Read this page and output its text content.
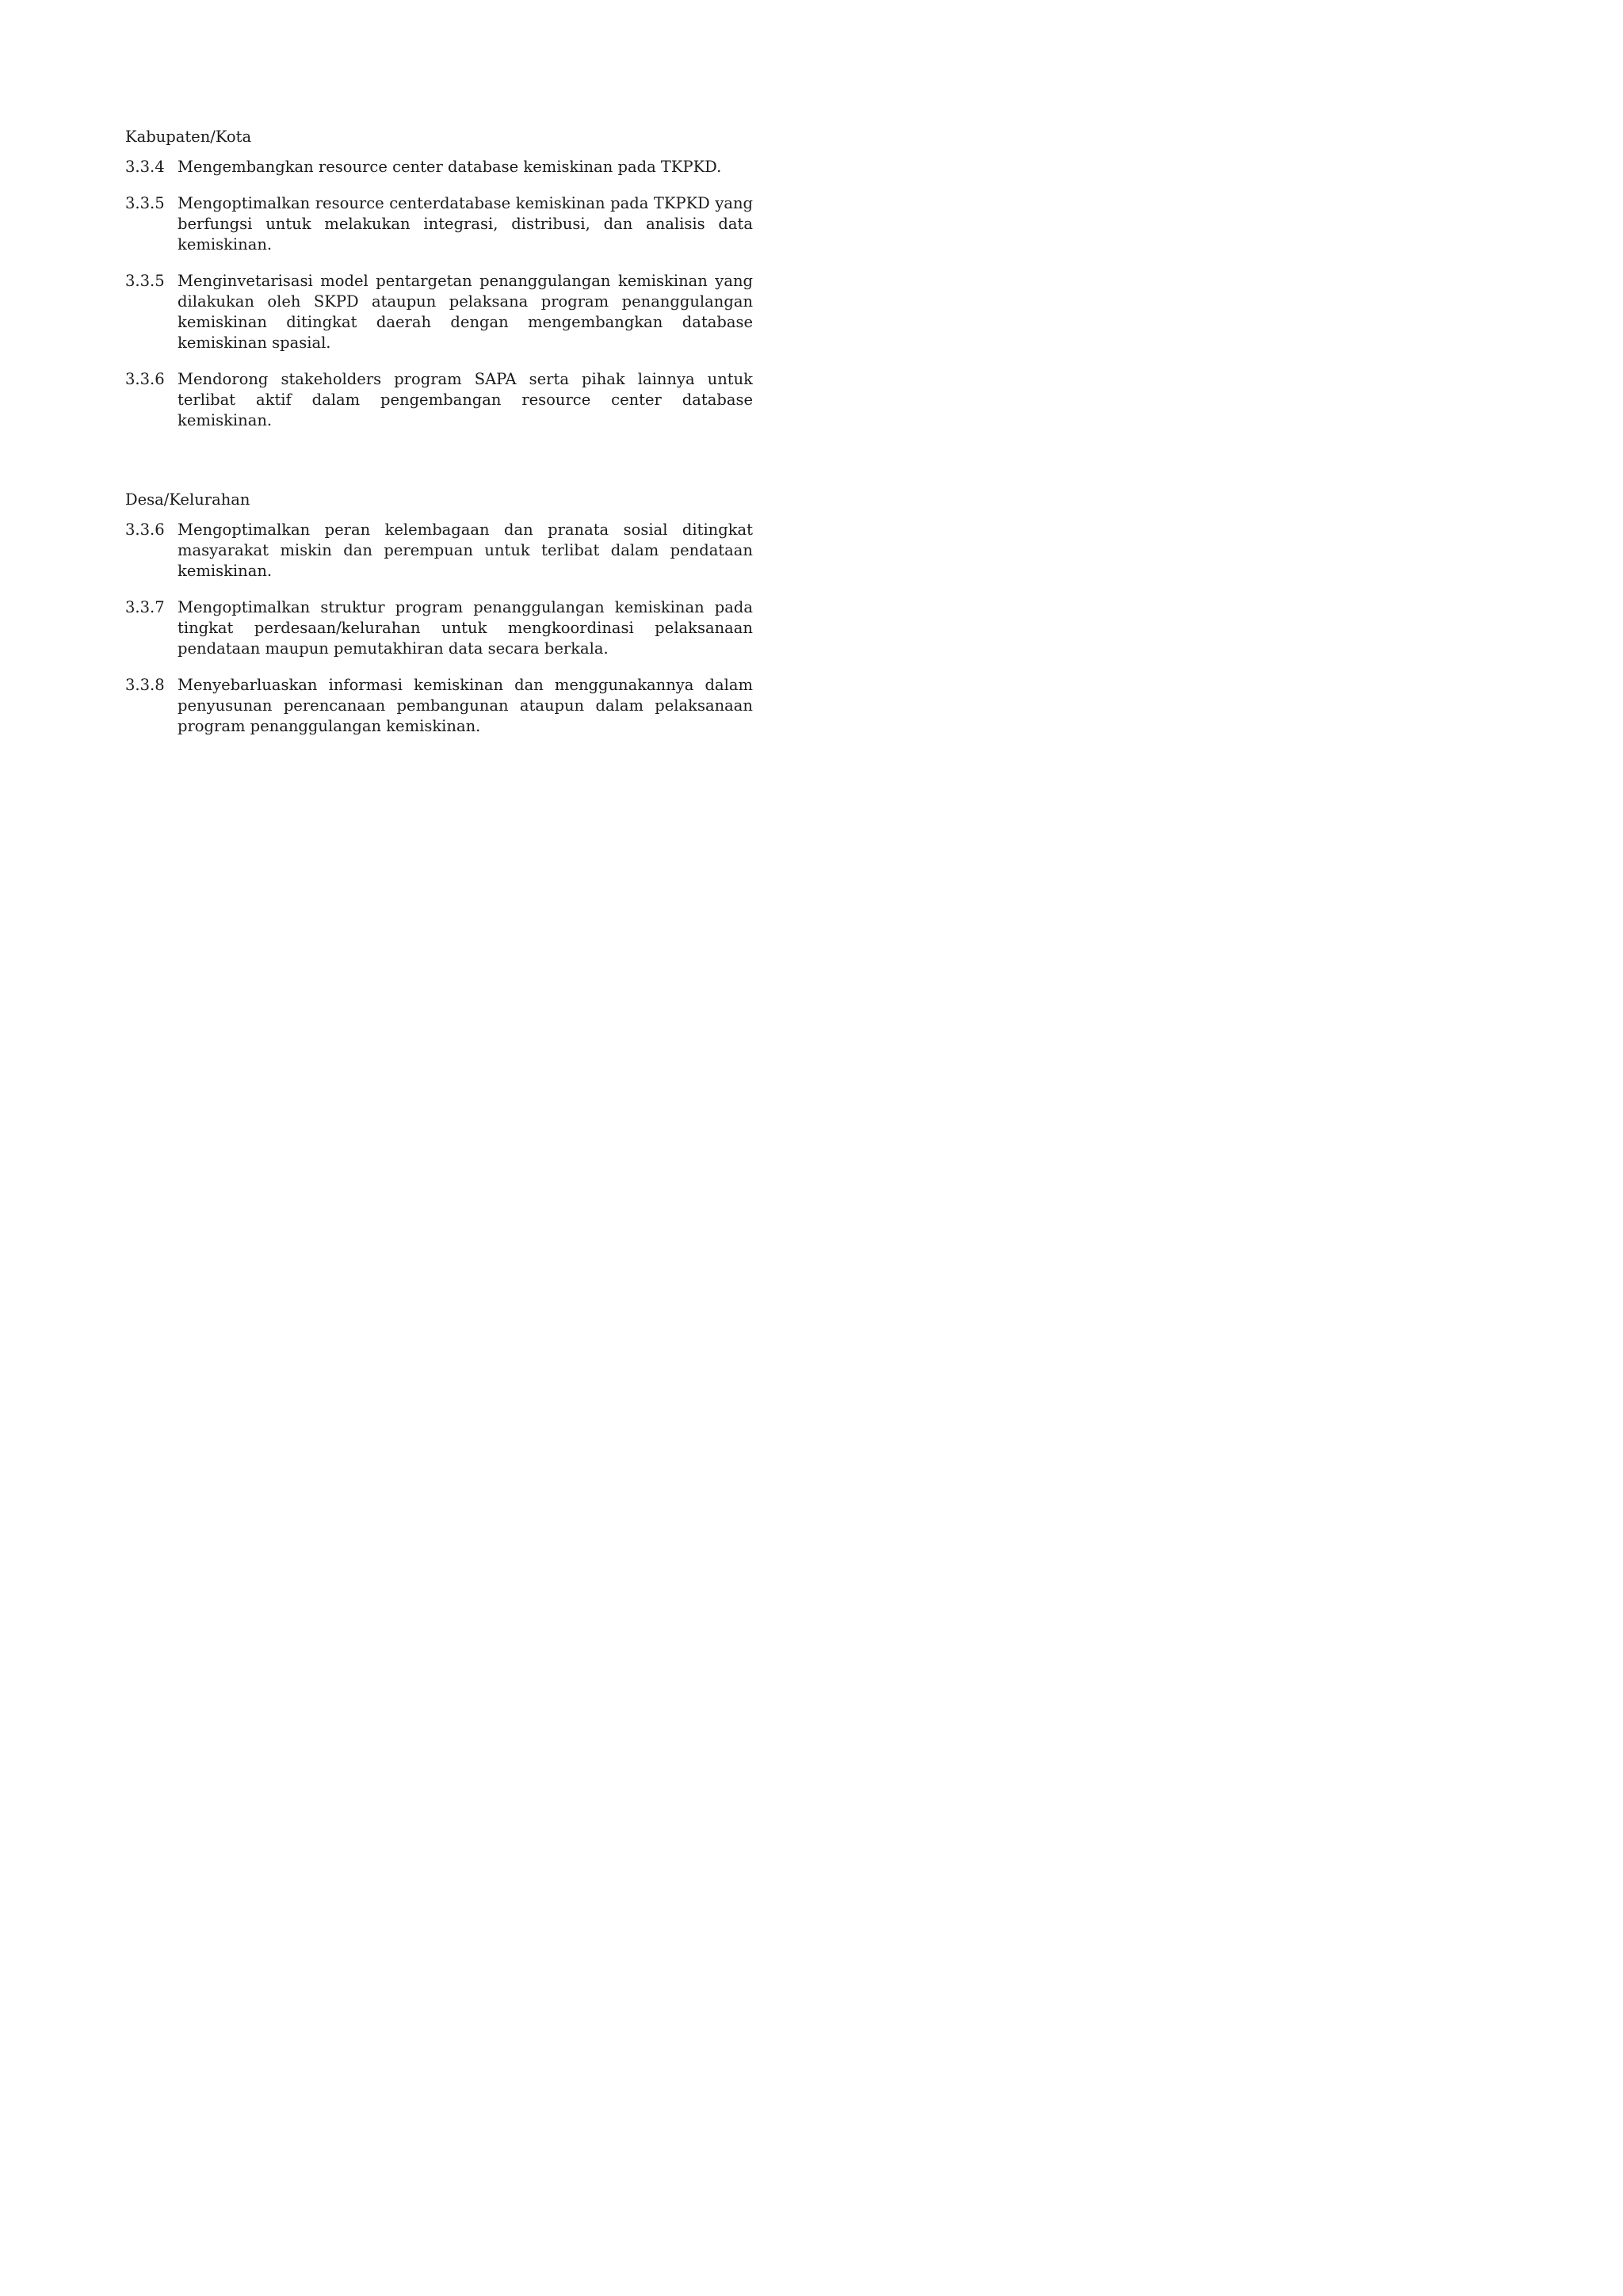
Kabupaten/Kota
3.3.4 Mengembangkan resource center database kemiskinan pada TKPKD.
3.3.5 Mengoptimalkan resource centerdatabase kemiskinan pada TKPKD yang berfungsi untuk melakukan integrasi, distribusi, dan analisis data kemiskinan.
3.3.5 Menginvetarisasi model pentargetan penanggulangan kemiskinan yang dilakukan oleh SKPD ataupun pelaksana program penanggulangan kemiskinan ditingkat daerah dengan mengembangkan database kemiskinan spasial.
3.3.6 Mendorong stakeholders program SAPA serta pihak lainnya untuk terlibat aktif dalam pengembangan resource center database kemiskinan.
Desa/Kelurahan
3.3.6 Mengoptimalkan peran kelembagaan dan pranata sosial ditingkat masyarakat miskin dan perempuan untuk terlibat dalam pendataan kemiskinan.
3.3.7 Mengoptimalkan struktur program penanggulangan kemiskinan pada tingkat perdesaan/kelurahan untuk mengkoordinasi pelaksanaan pendataan maupun pemutakhiran data secara berkala.
3.3.8 Menyebarluaskan informasi kemiskinan dan menggunakannya dalam penyusunan perencanaan pembangunan ataupun dalam pelaksanaan program penanggulangan kemiskinan.
